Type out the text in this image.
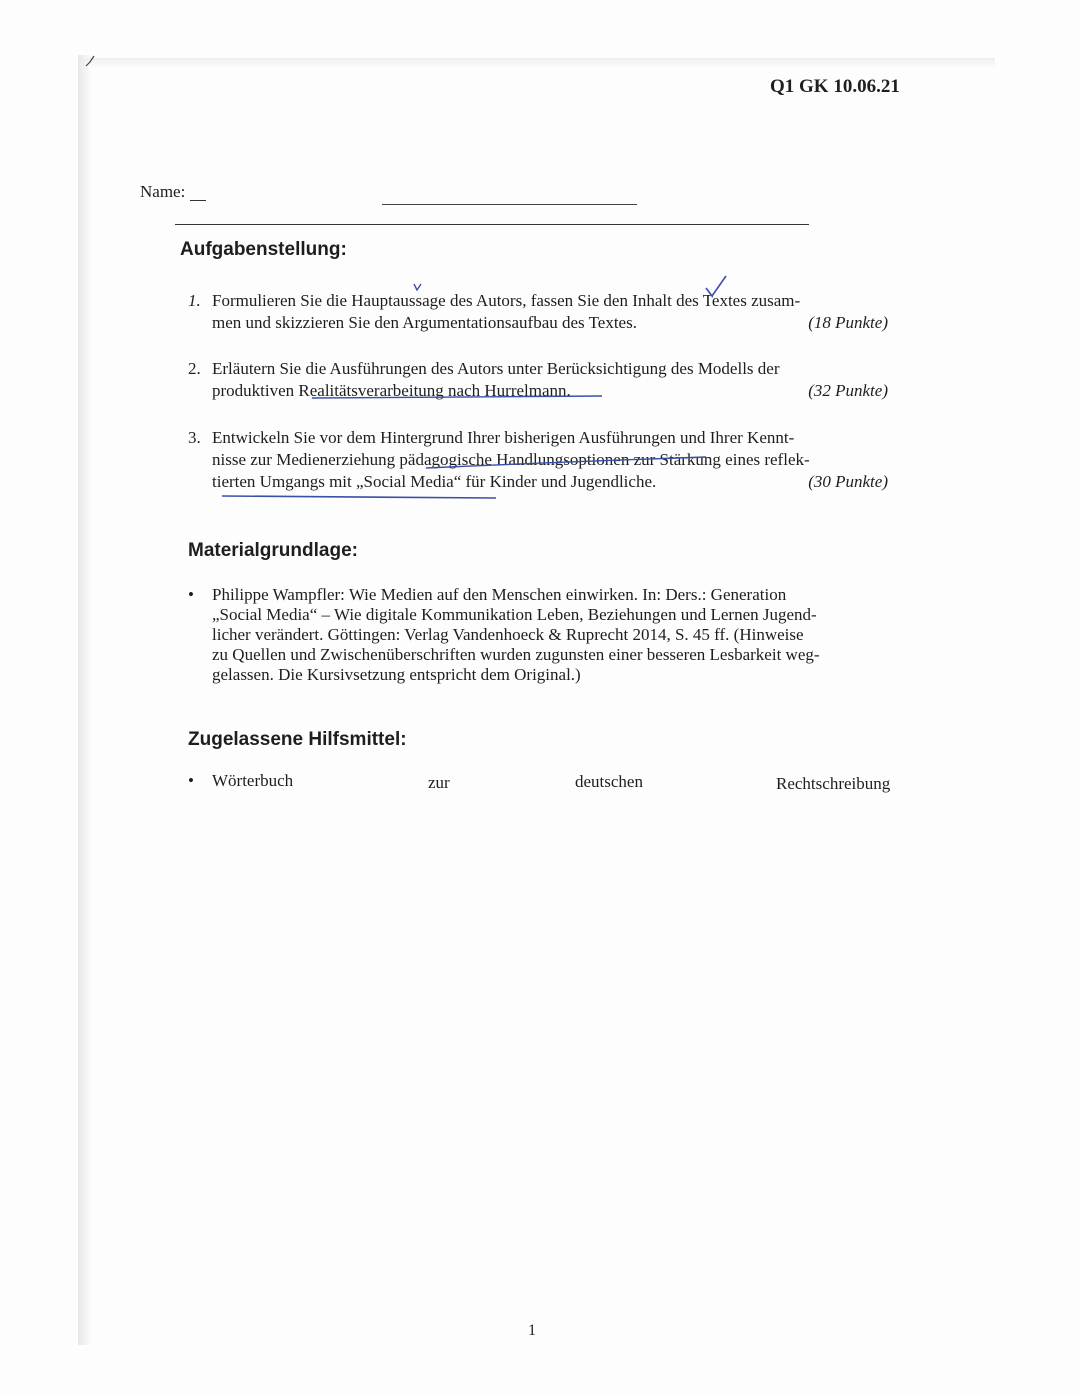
Q1 GK 10.06.21
Name:
Aufgabenstellung:
1. Formulieren Sie die Hauptaussage des Autors, fassen Sie den Inhalt des Textes zusam-
men und skizzieren Sie den Argumentationsaufbau des Textes.	(18 Punkte)
2. Erläutern Sie die Ausführungen des Autors unter Berücksichtigung des Modells der
produktiven Realitätsverarbeitung nach Hurrelmann.	(32 Punkte)
3. Entwickeln Sie vor dem Hintergrund Ihrer bisherigen Ausführungen und Ihrer Kennt-
nisse zur Medienerziehung pädagogische Handlungsoptionen zur Stärkung eines reflek-
tierten Umgangs mit „Social Media“ für Kinder und Jugendliche.	(30 Punkte)
Materialgrundlage:
• Philippe Wampfler: Wie Medien auf den Menschen einwirken. In: Ders.: Generation
„Social Media“ – Wie digitale Kommunikation Leben, Beziehungen und Lernen Jugend-
licher verändert. Göttingen: Verlag Vandenhoeck & Ruprecht 2014, S. 45 ff. (Hinweise
zu Quellen und Zwischenüberschriften wurden zugunsten einer besseren Lesbarkeit weg-
gelassen. Die Kursivsetzung entspricht dem Original.)
Zugelassene Hilfsmittel:
• Wörterbuch	zur	deutschen	Rechtschreibung
1
